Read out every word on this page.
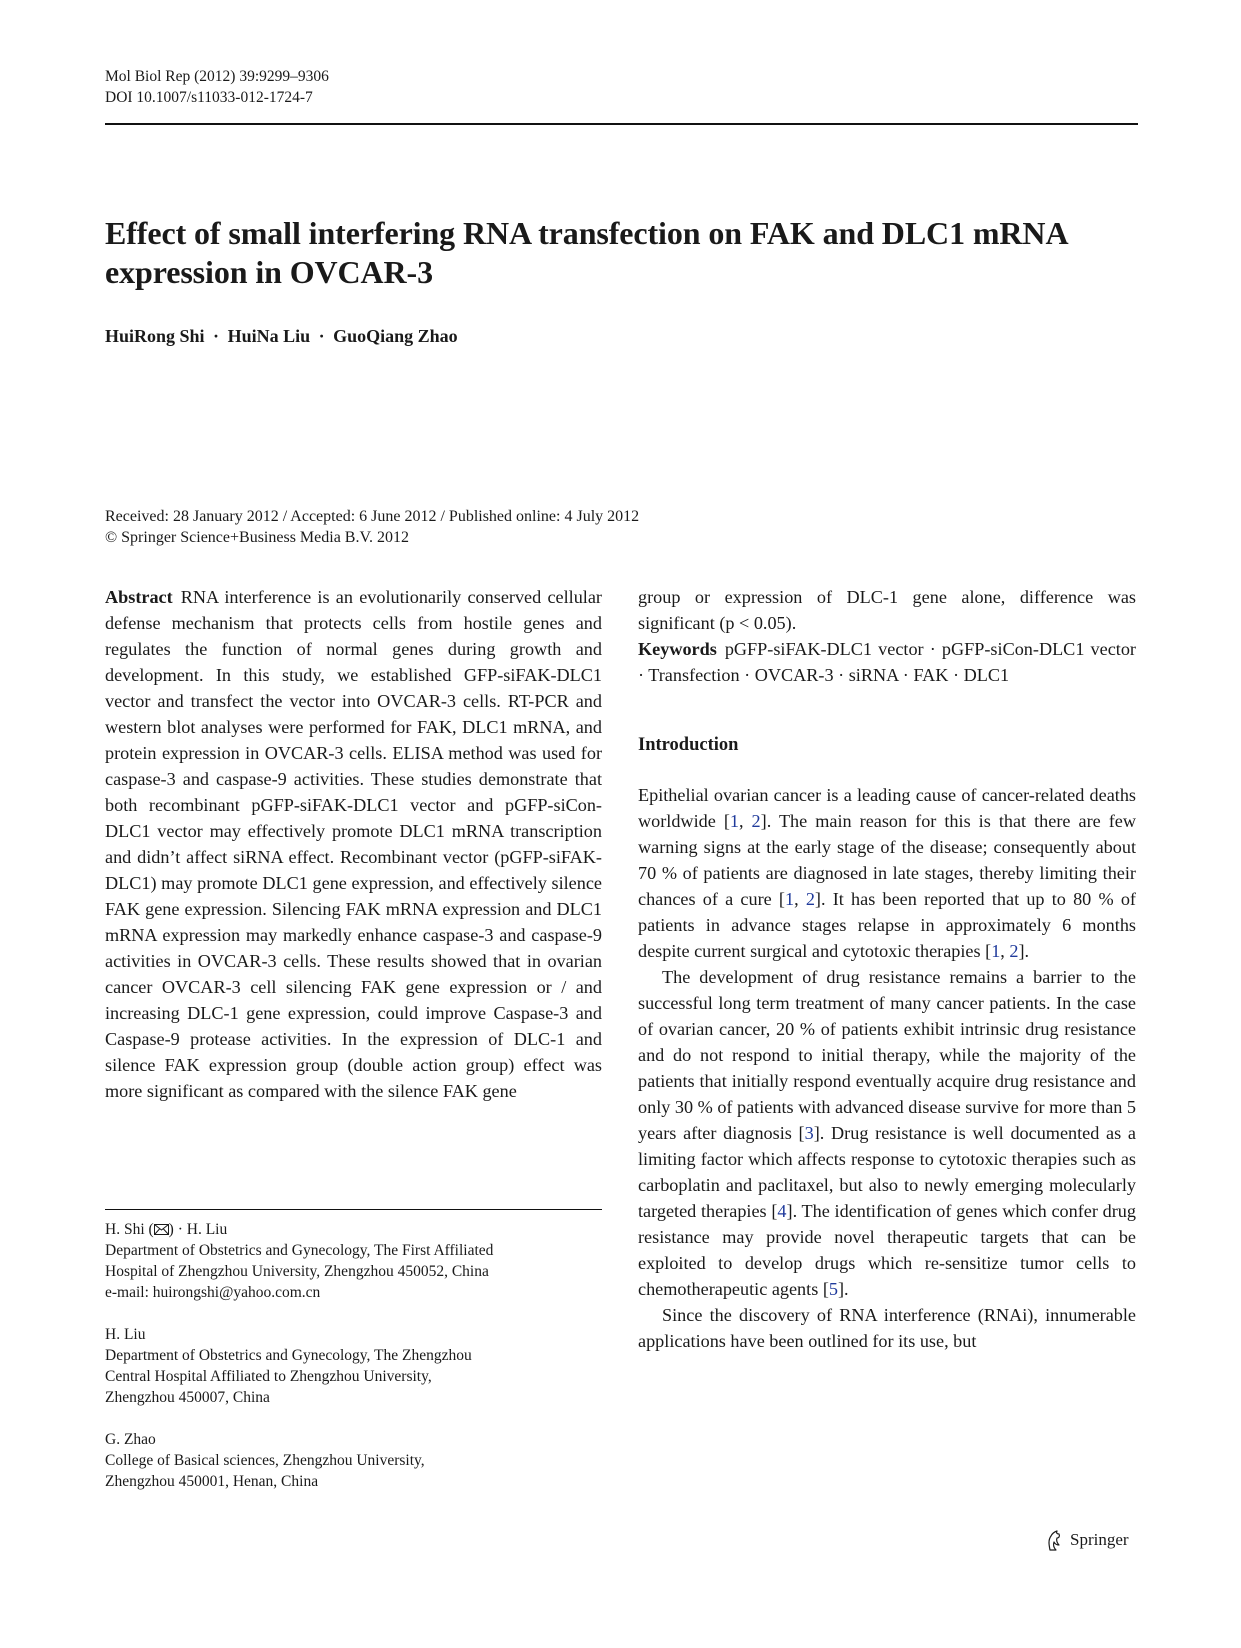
Mol Biol Rep (2012) 39:9299–9306
DOI 10.1007/s11033-012-1724-7
Effect of small interfering RNA transfection on FAK and DLC1 mRNA expression in OVCAR-3
HuiRong Shi · HuiNa Liu · GuoQiang Zhao
Received: 28 January 2012 / Accepted: 6 June 2012 / Published online: 4 July 2012
© Springer Science+Business Media B.V. 2012

Abstract RNA interference is an evolutionarily conserved cellular defense mechanism that protects cells from hostile genes and regulates the function of normal genes during growth and development. In this study, we established GFP-siFAK-DLC1 vector and transfect the vector into OVCAR-3 cells. RT-PCR and western blot analyses were performed for FAK, DLC1 mRNA, and protein expression in OVCAR-3 cells. ELISA method was used for caspase-3 and caspase-9 activities. These studies demonstrate that both recombinant pGFP-siFAK-DLC1 vector and pGFP-siCon-DLC1 vector may effectively promote DLC1 mRNA transcription and didn’t affect siRNA effect. Recombinant vector (pGFP-siFAK-DLC1) may promote DLC1 gene expression, and effectively silence FAK gene expression. Silencing FAK mRNA expression and DLC1 mRNA expression may markedly enhance caspase-3 and caspase-9 activities in OVCAR-3 cells. These results showed that in ovarian cancer OVCAR-3 cell silencing FAK gene expression or / and increasing DLC-1 gene expression, could improve Caspase-3 and Caspase-9 protease activities. In the expression of DLC-1 and silence FAK expression group (double action group) effect was more significant as compared with the silence FAK gene

H. Shi ( ) · H. Liu
Department of Obstetrics and Gynecology, The First Affiliated
Hospital of Zhengzhou University, Zhengzhou 450052, China
e-mail: huirongshi@yahoo.com.cn
H. Liu
Department of Obstetrics and Gynecology, The Zhengzhou
Central Hospital Affiliated to Zhengzhou University,
Zhengzhou 450007, China
G. Zhao
College of Basical sciences, Zhengzhou University,
Zhengzhou 450001, Henan, China

group or expression of DLC-1 gene alone, difference was significant (p < 0.05).

Keywords pGFP-siFAK-DLC1 vector · pGFP-siCon-DLC1 vector · Transfection · OVCAR-3 · siRNA · FAK · DLC1

Introduction

Epithelial ovarian cancer is a leading cause of cancer-related deaths worldwide [1, 2]. The main reason for this is that there are few warning signs at the early stage of the disease; consequently about 70 % of patients are diagnosed in late stages, thereby limiting their chances of a cure [1, 2]. It has been reported that up to 80 % of patients in advance stages relapse in approximately 6 months despite current surgical and cytotoxic therapies [1, 2].

The development of drug resistance remains a barrier to the successful long term treatment of many cancer patients. In the case of ovarian cancer, 20 % of patients exhibit intrinsic drug resistance and do not respond to initial therapy, while the majority of the patients that initially respond eventually acquire drug resistance and only 30 % of patients with advanced disease survive for more than 5 years after diagnosis [3]. Drug resistance is well documented as a limiting factor which affects response to cytotoxic therapies such as carboplatin and paclitaxel, but also to newly emerging molecularly targeted therapies [4]. The identification of genes which confer drug resistance may provide novel therapeutic targets that can be exploited to develop drugs which re-sensitize tumor cells to chemotherapeutic agents [5].

Since the discovery of RNA interference (RNAi), innumerable applications have been outlined for its use, but

Springer
